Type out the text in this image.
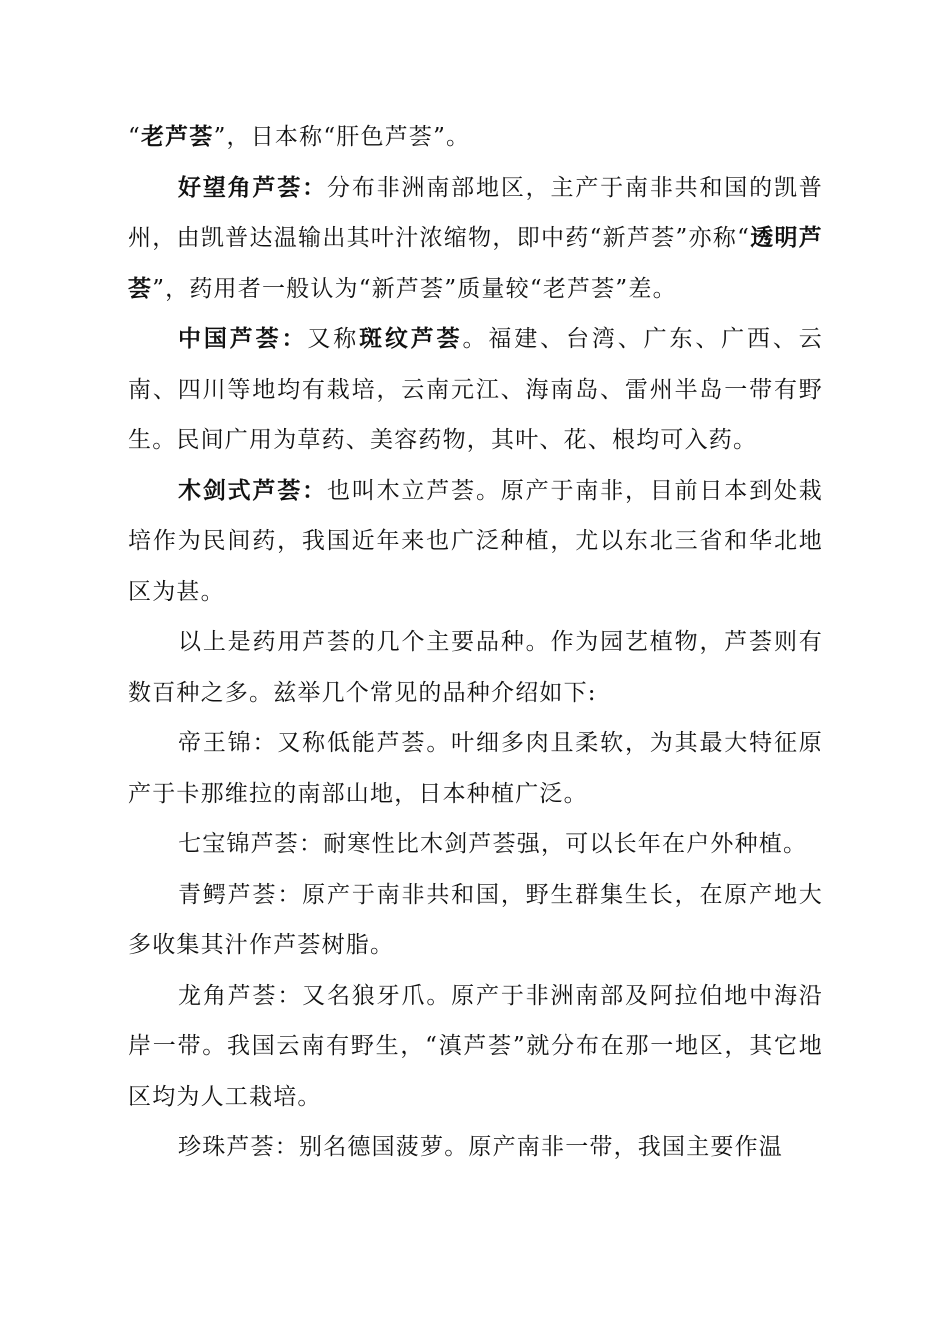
“老芦荟”，日本称“肝色芦荟”。

好望角芦荟：分布非洲南部地区，主产于南非共和国的凯普州，由凯普达温输出其叶汁浓缩物，即中药“新芦荟”亦称“透明芦荟”，药用者一般认为“新芦荟”质量较“老芦荟”差。

中国芦荟：又称斑纹芦荟。福建、台湾、广东、广西、云南、四川等地均有栽培，云南元江、海南岛、雷州半岛一带有野生。民间广用为草药、美容药物，其叶、花、根均可入药。

木剑式芦荟：也叫木立芦荟。原产于南非，目前日本到处栽培作为民间药，我国近年来也广泛种植，尤以东北三省和华北地区为甚。

以上是药用芦荟的几个主要品种。作为园艺植物，芦荟则有数百种之多。兹举几个常见的品种介绍如下:

帝王锦：又称低能芦荟。叶细多肉且柔软，为其最大特征原产于卡那维拉的南部山地，日本种植广泛。

七宝锦芦荟：耐寒性比木剑芦荟强，可以长年在户外种植。

青鳄芦荟：原产于南非共和国，野生群集生长，在原产地大多收集其汁作芦荟树脂。

龙角芦荟：又名狼牙爪。原产于非洲南部及阿拉伯地中海沿岸一带。我国云南有野生，“滇芦荟”就分布在那一地区，其它地区均为人工栽培。

珍珠芦荟：别名德国菠萝。原产南非一带，我国主要作温
